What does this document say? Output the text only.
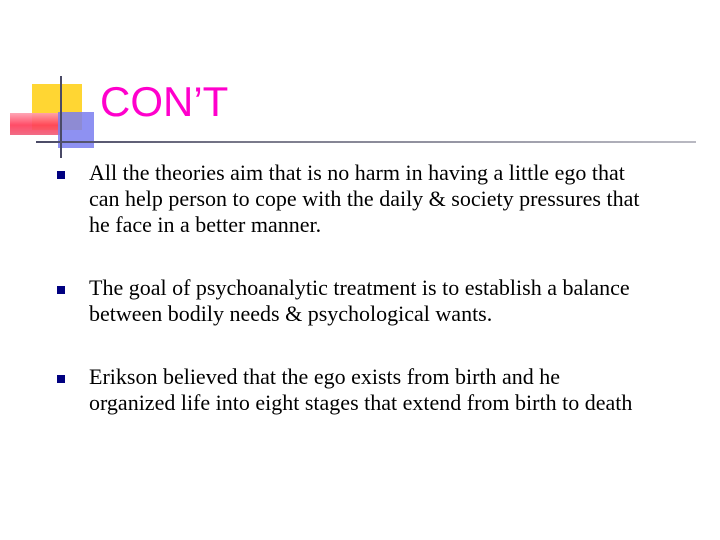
CON’T
All the theories aim that is no harm in having a little ego that can help person to cope with the daily & society pressures that he face in a better manner.
The goal of psychoanalytic treatment is to establish a balance between bodily needs & psychological wants.
Erikson believed that the ego exists from birth and he organized life into eight stages that extend from birth to death
